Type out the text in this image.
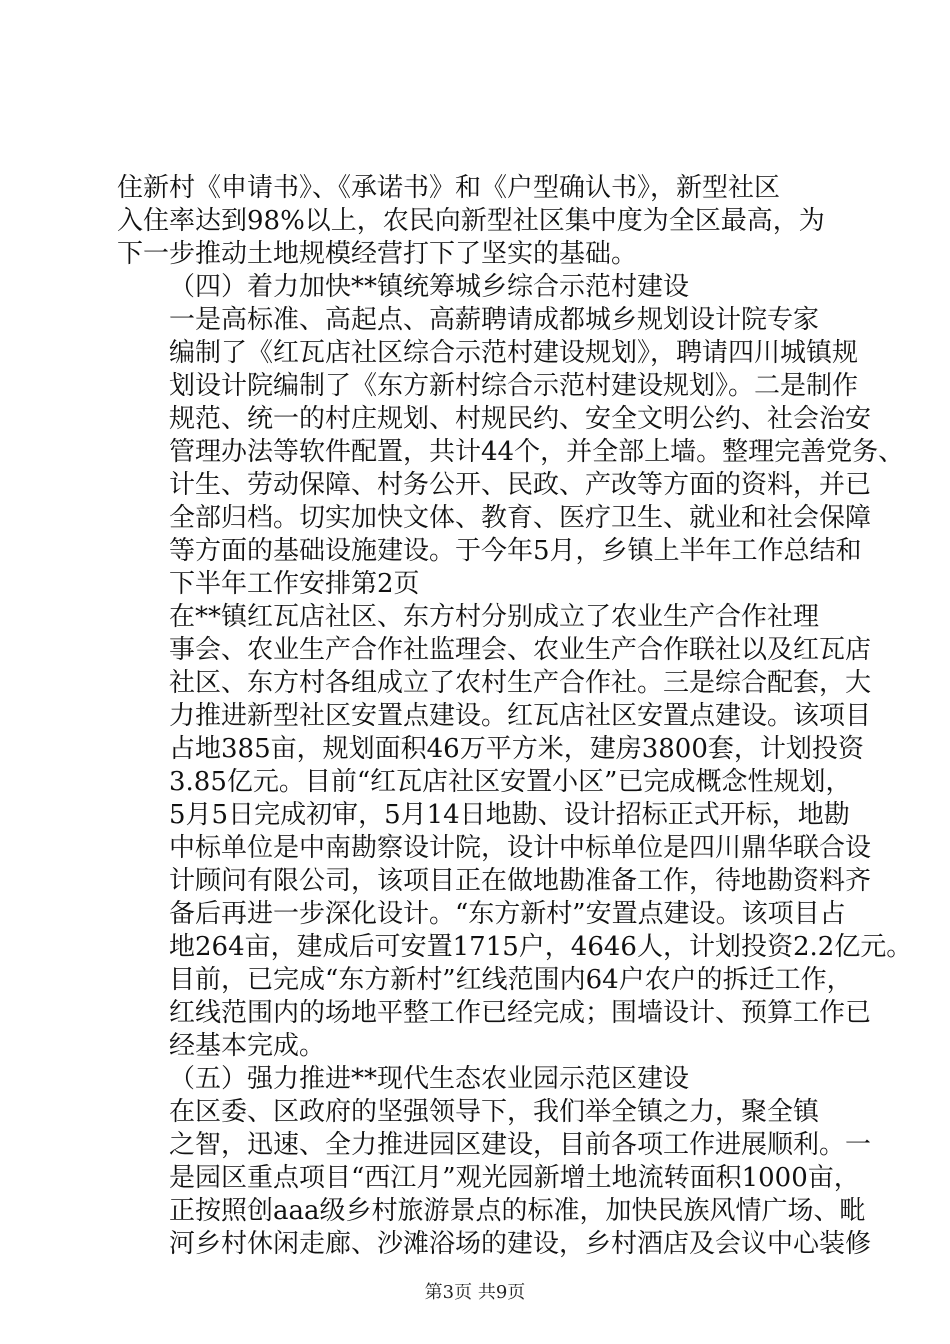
住新村《申请书》、《承诺书》和《户型确认书》，新型社区
入住率达到98%以上，农民向新型社区集中度为全区最高，为
下一步推动土地规模经营打下了坚实的基础。

（四）着力加快**镇统筹城乡综合示范村建设

一是高标准、高起点、高薪聘请成都城乡规划设计院专家
编制了《红瓦店社区综合示范村建设规划》，聘请四川城镇规
划设计院编制了《东方新村综合示范村建设规划》。二是制作
规范、统一的村庄规划、村规民约、安全文明公约、社会治安
管理办法等软件配置，共计44个，并全部上墙。整理完善党务、
计生、劳动保障、村务公开、民政、产改等方面的资料，并已
全部归档。切实加快文体、教育、医疗卫生、就业和社会保障
等方面的基础设施建设。于今年5月，乡镇上半年工作总结和
下半年工作安排第2页

在**镇红瓦店社区、东方村分别成立了农业生产合作社理
事会、农业生产合作社监理会、农业生产合作联社以及红瓦店
社区、东方村各组成立了农村生产合作社。三是综合配套，大
力推进新型社区安置点建设。红瓦店社区安置点建设。该项目
占地385亩，规划面积46万平方米，建房3800套，计划投资
3.85亿元。目前“红瓦店社区安置小区”已完成概念性规划，
5月5日完成初审，5月14日地勘、设计招标正式开标，地勘
中标单位是中南勘察设计院，设计中标单位是四川鼎华联合设
计顾问有限公司，该项目正在做地勘准备工作，待地勘资料齐
备后再进一步深化设计。“东方新村”安置点建设。该项目占
地264亩，建成后可安置1715户，4646人，计划投资2.2亿元。
目前，已完成“东方新村”红线范围内64户农户的拆迁工作，
红线范围内的场地平整工作已经完成；围墙设计、预算工作已
经基本完成。

（五）强力推进**现代生态农业园示范区建设

在区委、区政府的坚强领导下，我们举全镇之力，聚全镇
之智，迅速、全力推进园区建设，目前各项工作进展顺利。一
是园区重点项目“西江月”观光园新增土地流转面积1000亩，
正按照创aaa级乡村旅游景点的标准，加快民族风情广场、毗
河乡村休闲走廊、沙滩浴场的建设，乡村酒店及会议中心装修

第3页 共9页
